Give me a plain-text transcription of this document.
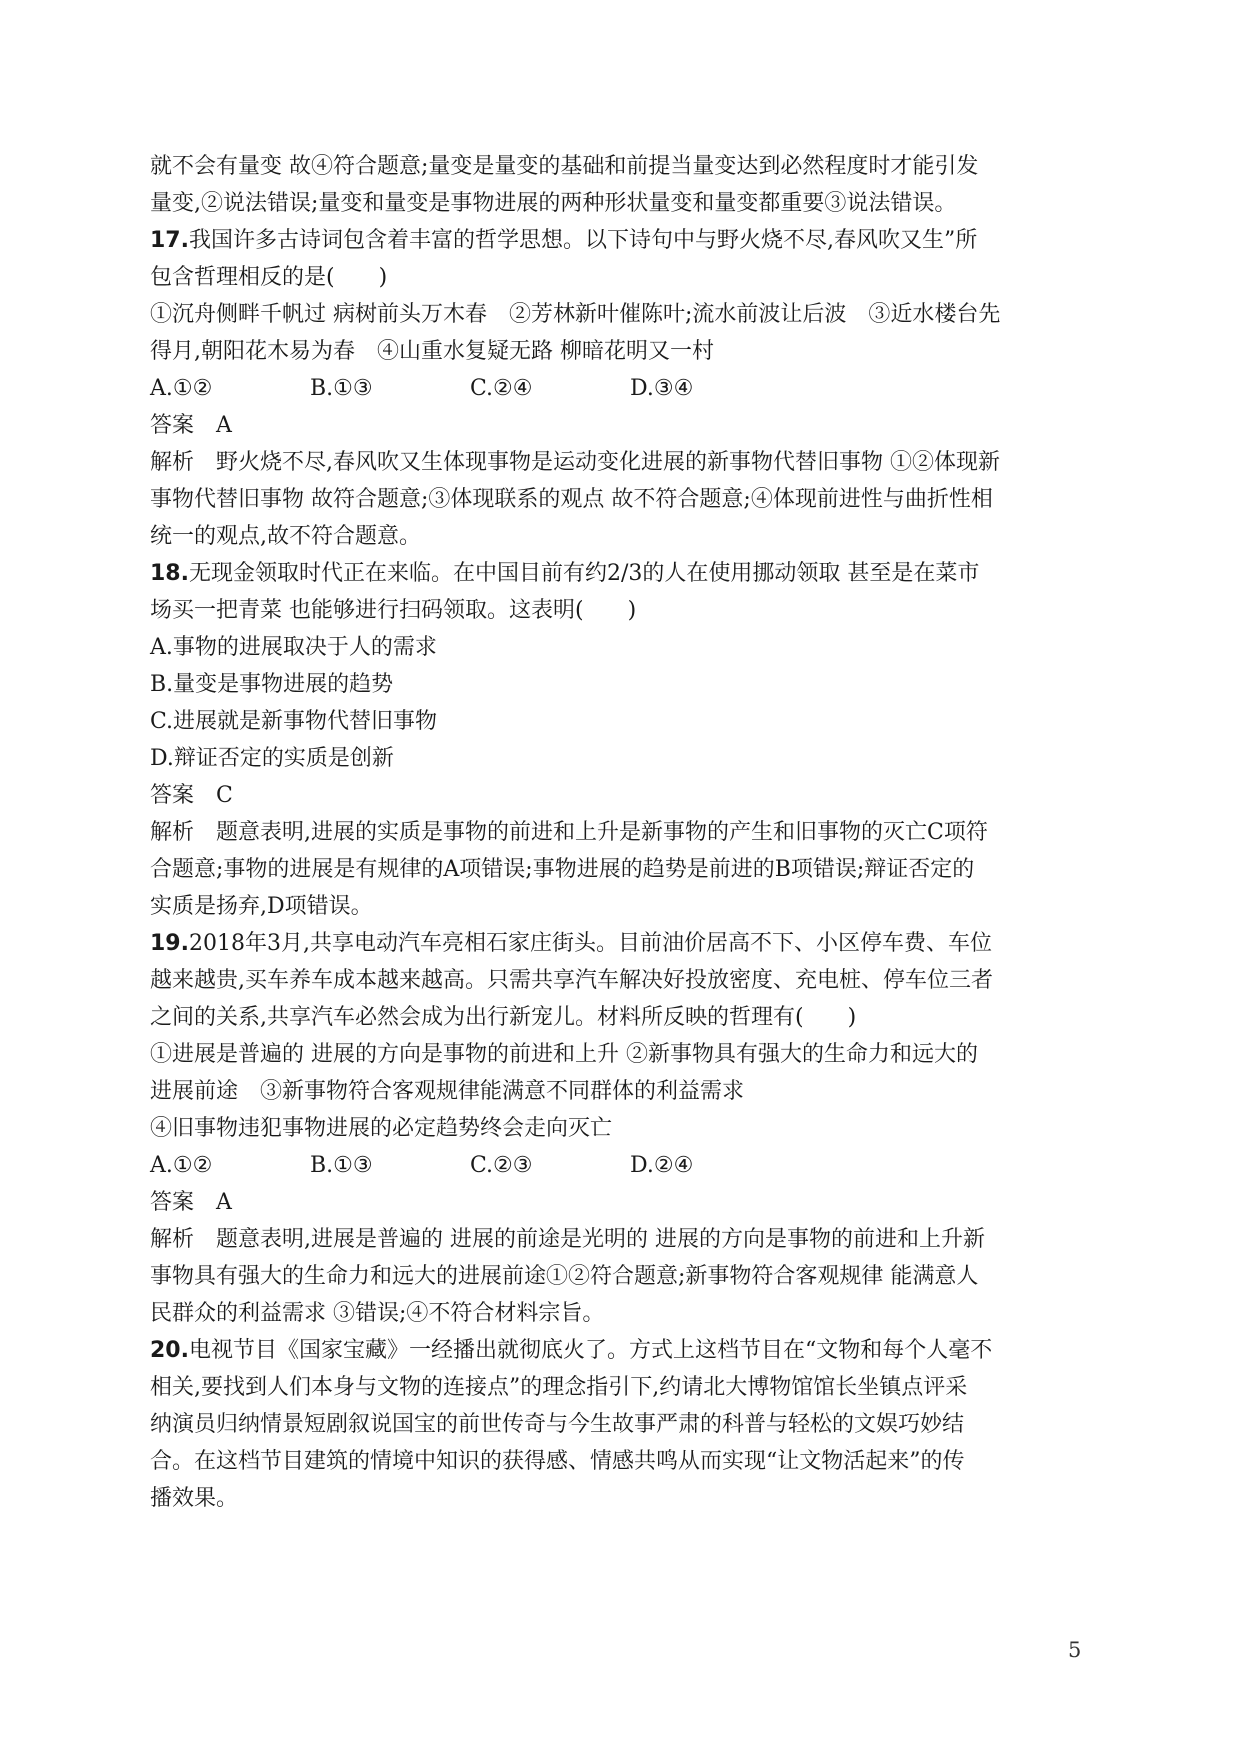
就不会有量变 故④符合题意;量变是量变的基础和前提当量变达到必然程度时才能引发
量变,②说法错误;量变和量变是事物进展的两种形状量变和量变都重要③说法错误。
17.我国许多古诗词包含着丰富的哲学思想。以下诗句中与野火烧不尽,春风吹又生”所
包含哲理相反的是(　　)
①沉舟侧畔千帆过 病树前头万木春　②芳林新叶催陈叶;流水前波让后波　③近水楼台先
得月,朝阳花木易为春　④山重水复疑无路 柳暗花明又一村
A.①②	B.①③	C.②④	D.③④
答案　A
解析　野火烧不尽,春风吹又生体现事物是运动变化进展的新事物代替旧事物 ①②体现新
事物代替旧事物 故符合题意;③体现联系的观点 故不符合题意;④体现前进性与曲折性相
统一的观点,故不符合题意。
18.无现金领取时代正在来临。在中国目前有约2/3的人在使用挪动领取 甚至是在菜市
场买一把青菜 也能够进行扫码领取。这表明(　　)
A.事物的进展取决于人的需求
B.量变是事物进展的趋势
C.进展就是新事物代替旧事物
D.辩证否定的实质是创新
答案　C
解析　题意表明,进展的实质是事物的前进和上升是新事物的产生和旧事物的灭亡C项符
合题意;事物的进展是有规律的A项错误;事物进展的趋势是前进的B项错误;辩证否定的
实质是扬弃,D项错误。
19.2018年3月,共享电动汽车亮相石家庄街头。目前油价居高不下、小区停车费、车位
越来越贵,买车养车成本越来越高。只需共享汽车解决好投放密度、充电桩、停车位三者
之间的关系,共享汽车必然会成为出行新宠儿。材料所反映的哲理有(　　)
①进展是普遍的 进展的方向是事物的前进和上升 ②新事物具有强大的生命力和远大的
进展前途　③新事物符合客观规律能满意不同群体的利益需求
④旧事物违犯事物进展的必定趋势终会走向灭亡
A.①②	B.①③	C.②③	D.②④
答案　A
解析　题意表明,进展是普遍的 进展的前途是光明的 进展的方向是事物的前进和上升新
事物具有强大的生命力和远大的进展前途①②符合题意;新事物符合客观规律 能满意人
民群众的利益需求 ③错误;④不符合材料宗旨。
20.电视节目《国家宝藏》一经播出就彻底火了。方式上这档节目在“文物和每个人毫不
相关,要找到人们本身与文物的连接点”的理念指引下,约请北大博物馆馆长坐镇点评采
纳演员归纳情景短剧叙说国宝的前世传奇与今生故事严肃的科普与轻松的文娱巧妙结
合。在这档节目建筑的情境中知识的获得感、情感共鸣从而实现“让文物活起来”的传
播效果。
5
